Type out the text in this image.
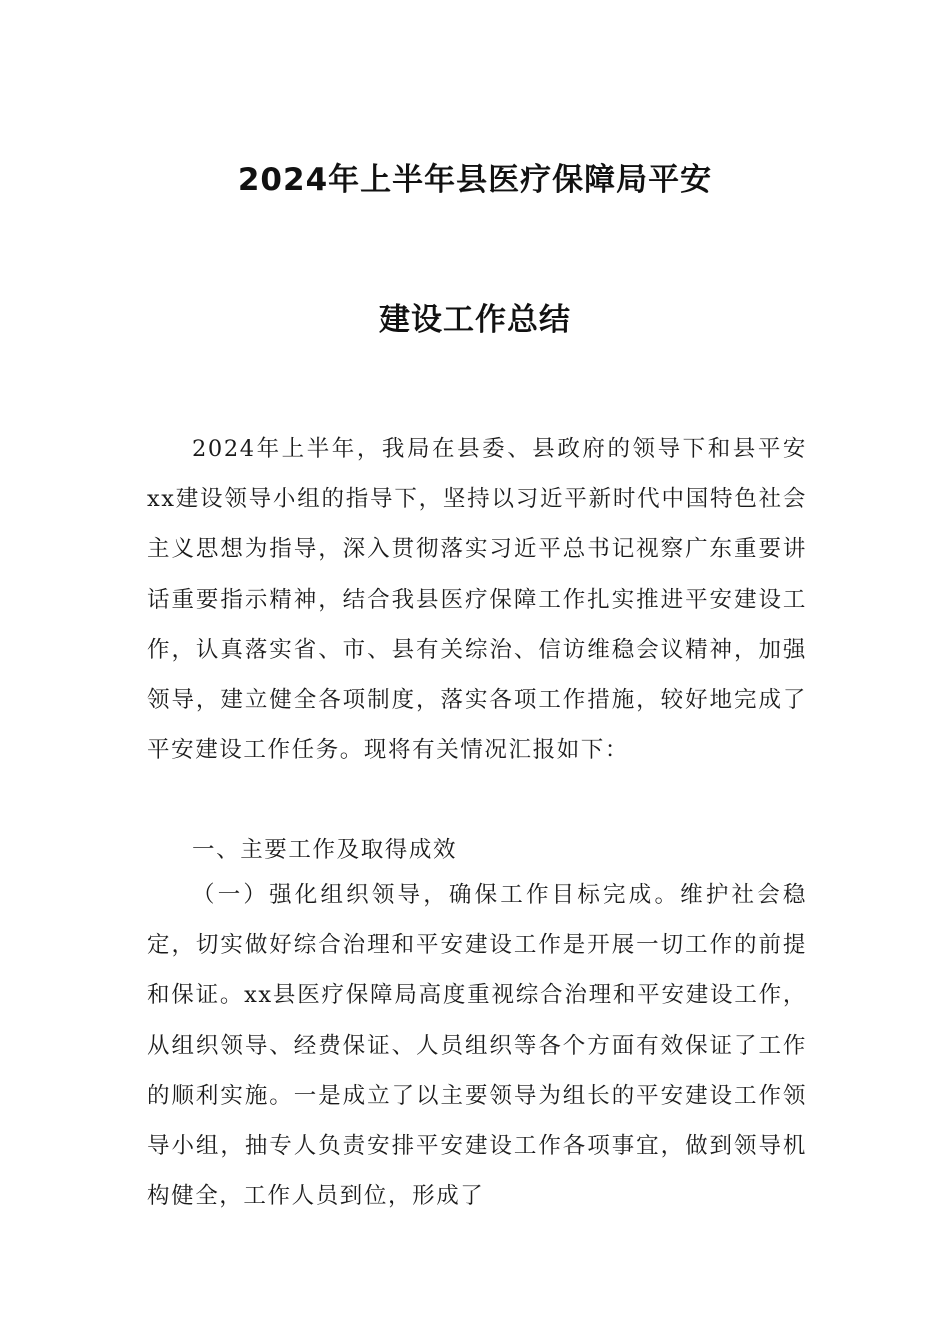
2024年上半年县医疗保障局平安
建设工作总结

2024年上半年，我局在县委、县政府的领导下和县平安xx建设领导小组的指导下，坚持以习近平新时代中国特色社会主义思想为指导，深入贯彻落实习近平总书记视察广东重要讲话重要指示精神，结合我县医疗保障工作扎实推进平安建设工作，认真落实省、市、县有关综治、信访维稳会议精神，加强领导，建立健全各项制度，落实各项工作措施，较好地完成了平安建设工作任务。现将有关情况汇报如下：

一、主要工作及取得成效

（一）强化组织领导，确保工作目标完成。维护社会稳定，切实做好综合治理和平安建设工作是开展一切工作的前提和保证。xx县医疗保障局高度重视综合治理和平安建设工作，从组织领导、经费保证、人员组织等各个方面有效保证了工作的顺利实施。一是成立了以主要领导为组长的平安建设工作领导小组，抽专人负责安排平安建设工作各项事宜，做到领导机构健全，工作人员到位，形成了
